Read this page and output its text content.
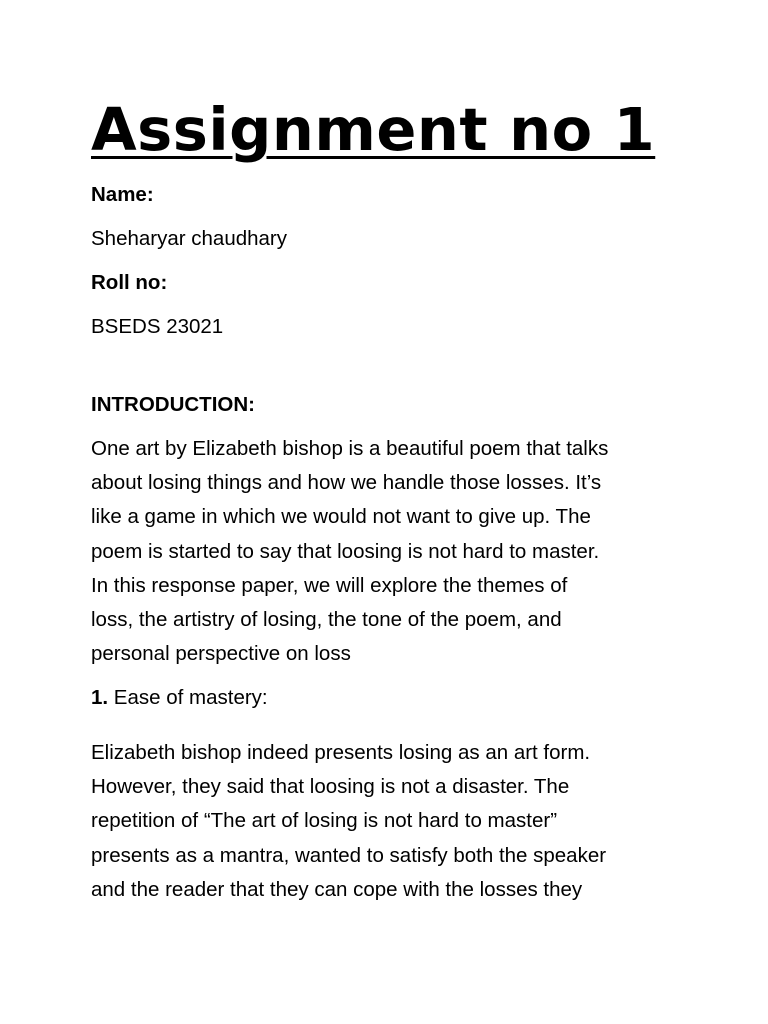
Assignment no 1

Name:

Sheharyar chaudhary

Roll no:

BSEDS 23021

INTRODUCTION:

One art by Elizabeth bishop is a beautiful poem that talks
about losing things and how we handle those losses. It’s
like a game in which we would not want to give up. The
poem is started to say that loosing is not hard to master.
In this response paper, we will explore the themes of
loss, the artistry of losing, the tone of the poem, and
personal perspective on loss

1. Ease of mastery:

Elizabeth bishop indeed presents losing as an art form.
However, they said that loosing is not a disaster. The
repetition of “The art of losing is not hard to master”
presents as a mantra, wanted to satisfy both the speaker
and the reader that they can cope with the losses they
